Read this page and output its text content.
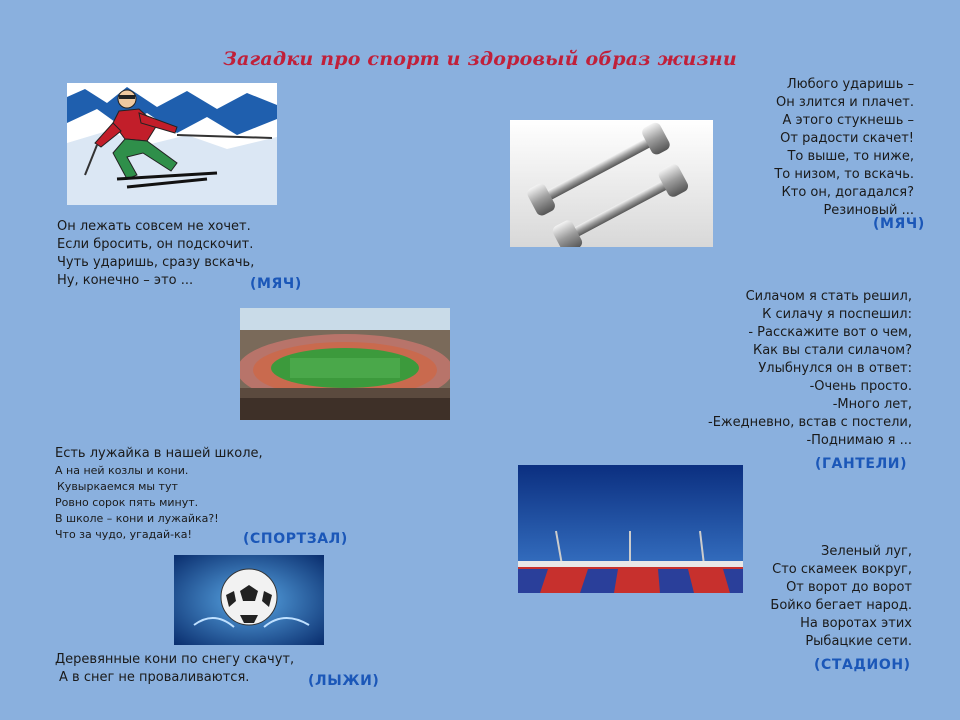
Загадки про спорт и здоровый образ жизни
Он лежать совсем не хочет.
Если бросить, он подскочит.
Чуть ударишь, сразу вскачь,
Ну, конечно – это ...	(МЯЧ)
Любого ударишь –
Он злится и плачет.
А этого стукнешь –
От радости скачет!
То выше, то ниже,
То низом, то вскачь.
Кто он, догадался?
Резиновый ...
(МЯЧ)
Силачом я стать решил,
К силачу я поспешил:
- Расскажите вот о чем,
Как вы стали силачом?
Улыбнулся он в ответ:
-Очень просто.
-Много лет,
-Ежедневно, встав с постели,
-Поднимаю я ...
(ГАНТЕЛИ)
Есть лужайка в нашей школе,
А на ней козлы и кони.
Кувыркаемся мы тут
Ровно сорок пять минут.
В школе – кони и лужайка?!
Что за чудо, угадай-ка!	(СПОРТЗАЛ)
Зеленый луг,
Сто скамеек вокруг,
От ворот до ворот
Бойко бегает народ.
На воротах этих
Рыбацкие сети.
(СТАДИОН)
Деревянные кони по снегу скачут,
А в снег не проваливаются.	(ЛЫЖИ)
